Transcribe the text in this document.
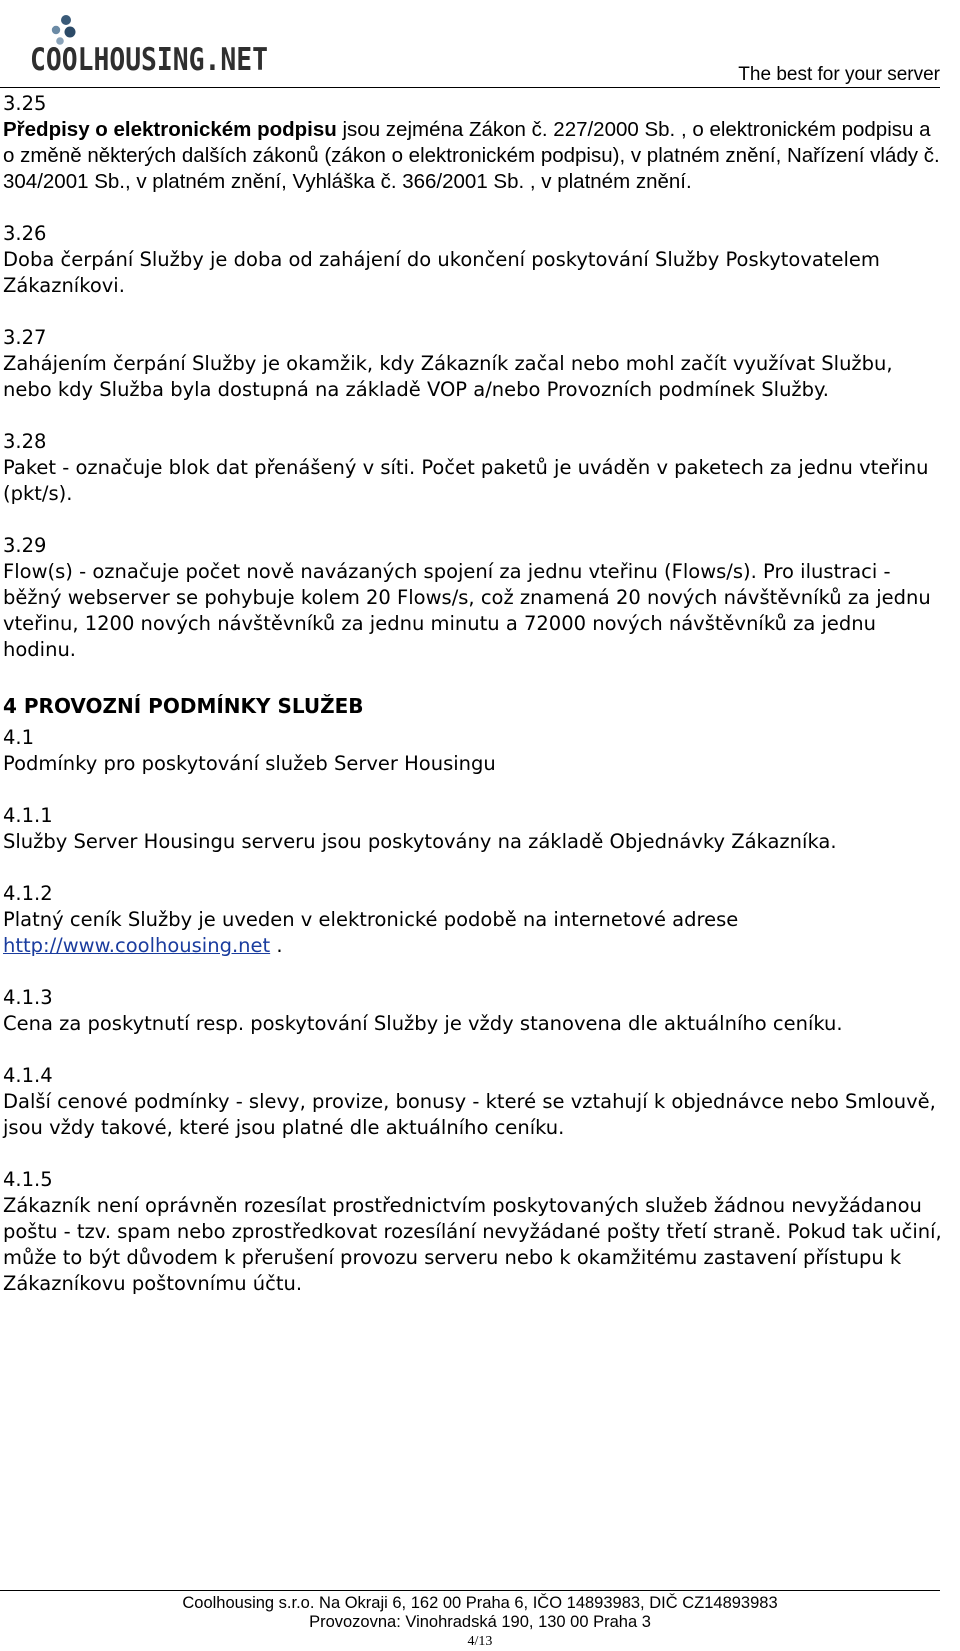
COOLHOUSING.NET	The best for your server
3.25

Předpisy o elektronickém podpisu jsou zejména Zákon č. 227/2000 Sb. , o elektronickém podpisu a o změně některých dalších zákonů (zákon o elektronickém podpisu), v platném znění, Nařízení vlády č. 304/2001 Sb., v platném znění, Vyhláška č. 366/2001 Sb. , v platném znění.

3.26

Doba čerpání Služby je doba od zahájení do ukončení poskytování Služby Poskytovatelem Zákazníkovi.

3.27

Zahájením čerpání Služby je okamžik, kdy Zákazník začal nebo mohl začít využívat Službu, nebo kdy Služba byla dostupná na základě VOP a/nebo Provozních podmínek Služby.

3.28

Paket - označuje blok dat přenášený v síti. Počet paketů je uváděn v paketech za jednu vteřinu (pkt/s).

3.29

Flow(s) - označuje počet nově navázaných spojení za jednu vteřinu (Flows/s). Pro ilustraci - běžný webserver se pohybuje kolem 20 Flows/s, což znamená 20 nových návštěvníků za jednu vteřinu, 1200 nových návštěvníků za jednu minutu a 72000 nových návštěvníků za jednu hodinu.

4 PROVOZNÍ PODMÍNKY SLUŽEB
4.1

Podmínky pro poskytování služeb Server Housingu

4.1.1

Služby Server Housingu serveru jsou poskytovány na základě Objednávky Zákazníka.

4.1.2

Platný ceník Služby je uveden v elektronické podobě na internetové adrese http://www.coolhousing.net .

4.1.3

Cena za poskytnutí resp. poskytování Služby je vždy stanovena dle aktuálního ceníku.

4.1.4

Další cenové podmínky - slevy, provize, bonusy - které se vztahují k objednávce nebo Smlouvě, jsou vždy takové, které jsou platné dle aktuálního ceníku.

4.1.5

Zákazník není oprávněn rozesílat prostřednictvím poskytovaných služeb žádnou nevyžádanou poštu - tzv. spam nebo zprostředkovat rozesílání nevyžádané pošty třetí straně. Pokud tak učiní, může to být důvodem k přerušení provozu serveru nebo k okamžitému zastavení přístupu k Zákazníkovu poštovnímu účtu.

Coolhousing s.r.o. Na Okraji 6, 162 00 Praha 6, IČO 14893983, DIČ CZ14893983
Provozovna: Vinohradská 190, 130 00 Praha 3
4/13
